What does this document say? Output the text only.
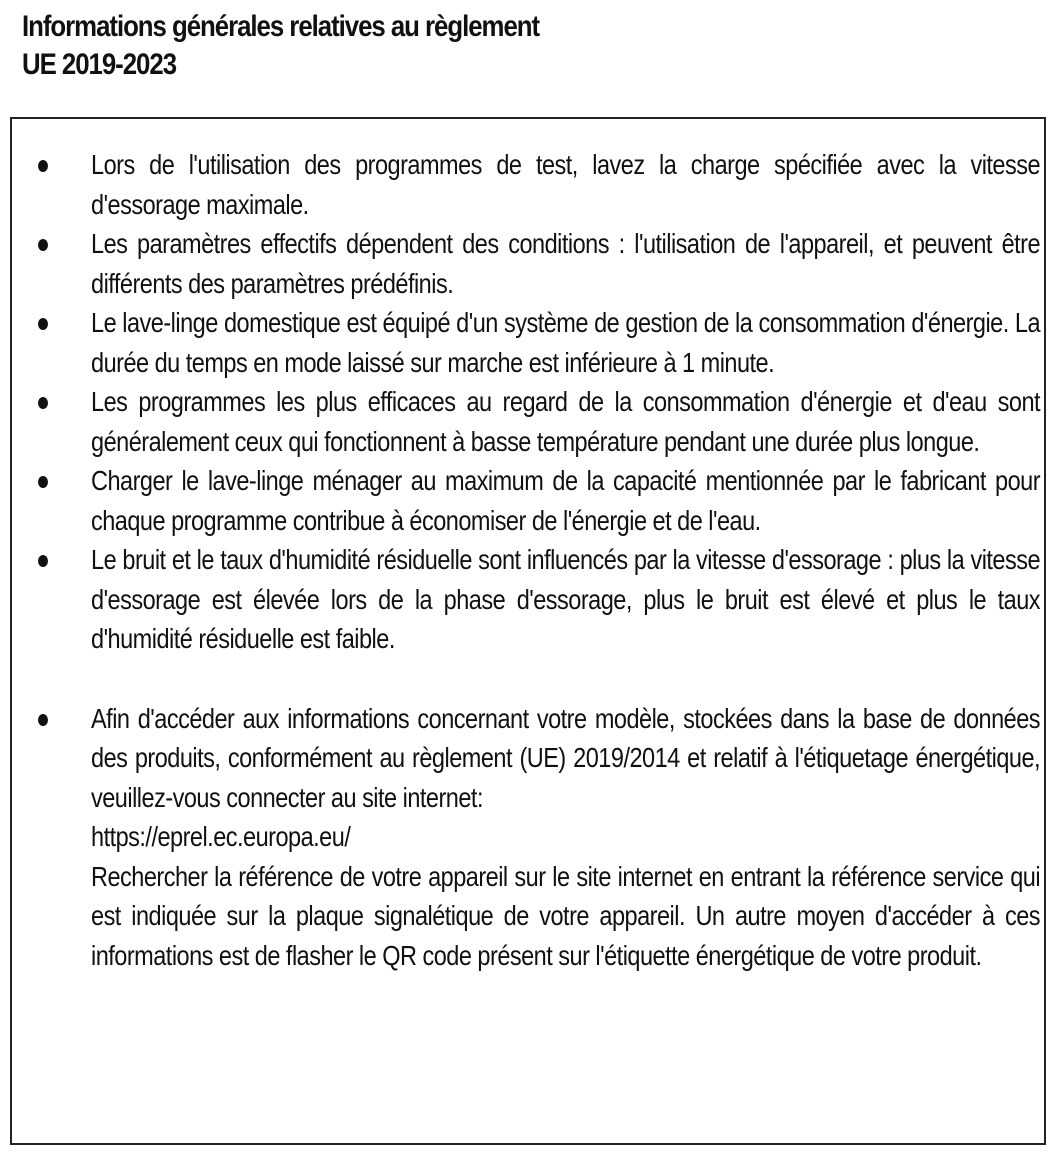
Informations générales relatives au règlement
UE 2019-2023
Lors de l'utilisation des programmes de test, lavez la charge spécifiée avec la vitesse d'essorage maximale.
Les paramètres effectifs dépendent des conditions : l'utilisation de l'appareil, et peuvent être différents des paramètres prédéfinis.
Le lave-linge domestique est équipé d'un système de gestion de la consommation d'énergie. La durée du temps en mode laissé sur marche est inférieure à 1 minute.
Les programmes les plus efficaces au regard de la consommation d'énergie et d'eau sont généralement ceux qui fonctionnent à basse température pendant une durée plus longue.
Charger le lave-linge ménager au maximum de la capacité mentionnée par le fabricant pour chaque programme contribue à économiser de l'énergie et de l'eau.
Le bruit et le taux d'humidité résiduelle sont influencés par la vitesse d'essorage : plus la vitesse d'essorage est élevée lors de la phase d'essorage, plus le bruit est élevé et plus le taux d'humidité résiduelle est faible.
Afin d'accéder aux informations concernant votre modèle, stockées dans la base de données des produits, conformément au règlement (UE) 2019/2014 et relatif à l'étiquetage énergétique, veuillez-vous connecter au site internet:
https://eprel.ec.europa.eu/
Rechercher la référence de votre appareil sur le site internet en entrant la référence service qui est indiquée sur la plaque signalétique de votre appareil. Un autre moyen d'accéder à ces informations est de flasher le QR code présent sur l'étiquette énergétique de votre produit.
